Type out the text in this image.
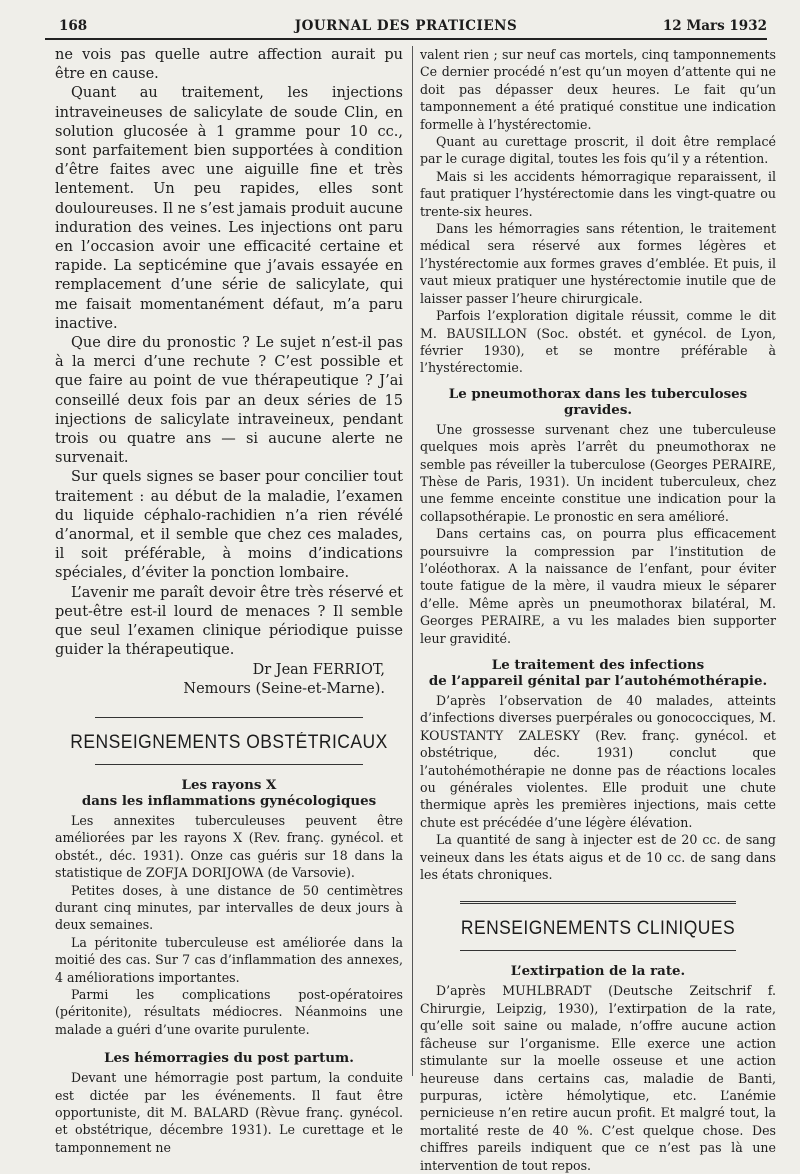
168	JOURNAL DES PRATICIENS	12 Mars 1932

ne vois pas quelle autre affection aurait pu être en cause.

Quant au traitement, les injections intraveineuses de salicylate de soude Clin, en solution glucosée à 1 gramme pour 10 cc., sont parfaitement bien supportées à condition d’être faites avec une aiguille fine et très lentement. Un peu rapides, elles sont douloureuses. Il ne s’est jamais produit aucune induration des veines. Les injections ont paru en l’occasion avoir une efficacité certaine et rapide. La septicémine que j’avais essayée en remplacement d’une série de salicylate, qui me faisait momentanément défaut, m’a paru inactive.

Que dire du pronostic ? Le sujet n’est-il pas à la merci d’une rechute ? C’est possible et que faire au point de vue thérapeutique ? J’ai conseillé deux fois par an deux séries de 15 injections de salicylate intraveineux, pendant trois ou quatre ans — si aucune alerte ne survenait.

Sur quels signes se baser pour concilier tout traitement : au début de la maladie, l’examen du liquide céphalo-rachidien n’a rien révélé d’anormal, et il semble que chez ces malades, il soit préférable, à moins d’indications spéciales, d’éviter la ponction lombaire.

L’avenir me paraît devoir être très réservé et peut-être est-il lourd de menaces ? Il semble que seul l’examen clinique périodique puisse guider la thérapeutique.

Dr Jean FERRIOT,
Nemours (Seine-et-Marne).
RENSEIGNEMENTS OBSTÉTRICAUX
Les rayons X
dans les inflammations gynécologiques

Les annexites tuberculeuses peuvent être améliorées par les rayons X (Rev. franç. gynécol. et obstét., déc. 1931). Onze cas guéris sur 18 dans la statistique de ZOFJA DORIJOWA (de Varsovie).

Petites doses, à une distance de 50 centimètres durant cinq minutes, par intervalles de deux jours à deux semaines.

La péritonite tuberculeuse est améliorée dans la moitié des cas. Sur 7 cas d’inflammation des annexes, 4 améliorations importantes.

Parmi les complications post-opératoires (péritonite), résultats médiocres. Néanmoins une malade a guéri d’une ovarite purulente.

Les hémorragies du post partum.

Devant une hémorragie post partum, la conduite est dictée par les événements. Il faut être opportuniste, dit M. BALARD (Rèvue franç. gynécol. et obstétrique, décembre 1931). Le curettage et le tamponnement ne

valent rien ; sur neuf cas mortels, cinq tamponnements Ce dernier procédé n’est qu’un moyen d’attente qui ne doit pas dépasser deux heures. Le fait qu’un tamponnement a été pratiqué constitue une indication formelle à l’hystérectomie.

Quant au curettage proscrit, il doit être remplacé par le curage digital, toutes les fois qu’il y a rétention.

Mais si les accidents hémorragique reparaissent, il faut pratiquer l’hystérectomie dans les vingt-quatre ou trente-six heures.

Dans les hémorragies sans rétention, le traitement médical sera réservé aux formes légères et l’hystérectomie aux formes graves d’emblée. Et puis, il vaut mieux pratiquer une hystérectomie inutile que de laisser passer l’heure chirurgicale.

Parfois l’exploration digitale réussit, comme le dit M. BAUSILLON (Soc. obstét. et gynécol. de Lyon, février 1930), et se montre préférable à l’hystérectomie.

Le pneumothorax dans les tuberculoses gravides.

Une grossesse survenant chez une tuberculeuse quelques mois après l’arrêt du pneumothorax ne semble pas réveiller la tuberculose (Georges PERAIRE, Thèse de Paris, 1931). Un incident tuberculeux, chez une femme enceinte constitue une indication pour la collapsothérapie. Le pronostic en sera amélioré.

Dans certains cas, on pourra plus efficacement poursuivre la compression par l’institution de l’oléothorax. A la naissance de l’enfant, pour éviter toute fatigue de la mère, il vaudra mieux le séparer d’elle. Même après un pneumothorax bilatéral, M. Georges PERAIRE, a vu les malades bien supporter leur gravidité.

Le traitement des infections
de l’appareil génital par l’autohémothérapie.

D’après l’observation de 40 malades, atteints d’infections diverses puerpérales ou gonococciques, M. KOUSTANTY ZALESKY (Rev. franç. gynécol. et obstétrique, déc. 1931) conclut que l’autohémothérapie ne donne pas de réactions locales ou générales violentes. Elle produit une chute thermique après les premières injections, mais cette chute est précédée d’une légère élévation.

La quantité de sang à injecter est de 20 cc. de sang veineux dans les états aigus et de 10 cc. de sang dans les états chroniques.

RENSEIGNEMENTS CLINIQUES
L’extirpation de la rate.

D’après MUHLBRADT (Deutsche Zeitschrif f. Chirurgie, Leipzig, 1930), l’extirpation de la rate, qu’elle soit saine ou malade, n’offre aucune action fâcheuse sur l’organisme. Elle exerce une action stimulante sur la moelle osseuse et une action heureuse dans certains cas, maladie de Banti, purpuras, ictère hémolytique, etc. L’anémie pernicieuse n’en retire aucun profit. Et malgré tout, la mortalité reste de 40 %. C’est quelque chose. Des chiffres pareils indiquent que ce n’est pas là une intervention de tout repos.
